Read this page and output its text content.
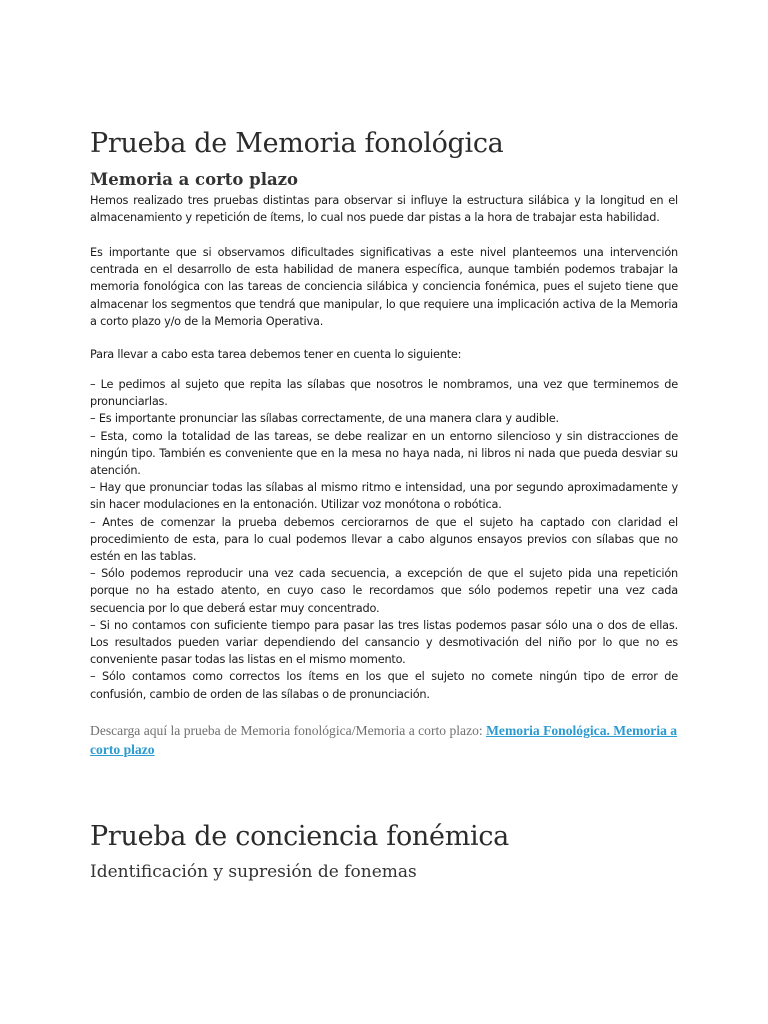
Prueba de Memoria fonológica
Memoria a corto plazo
Hemos realizado tres pruebas distintas para observar si influye la estructura silábica y la longitud en el almacenamiento y repetición de ítems, lo cual nos puede dar pistas a la hora de trabajar esta habilidad.
Es importante que si observamos dificultades significativas a este nivel planteemos una intervención centrada en el desarrollo de esta habilidad de manera específica, aunque también podemos trabajar la memoria fonológica con las tareas de conciencia silábica y conciencia fonémica, pues el sujeto tiene que almacenar los segmentos que tendrá que manipular, lo que requiere una implicación activa de la Memoria a corto plazo y/o de la Memoria Operativa.
Para llevar a cabo esta tarea debemos tener en cuenta lo siguiente:
– Le pedimos al sujeto que repita las sílabas que nosotros le nombramos, una vez que terminemos de pronunciarlas.
– Es importante pronunciar las sílabas correctamente, de una manera clara y audible.
– Esta, como la totalidad de las tareas, se debe realizar en un entorno silencioso y sin distracciones de ningún tipo. También es conveniente que en la mesa no haya nada, ni libros ni nada que pueda desviar su atención.
– Hay que pronunciar todas las sílabas al mismo ritmo e intensidad, una por segundo aproximadamente y sin hacer modulaciones en la entonación. Utilizar voz monótona o robótica.
– Antes de comenzar la prueba debemos cerciorarnos de que el sujeto ha captado con claridad el procedimiento de esta, para lo cual podemos llevar a cabo algunos ensayos previos con sílabas que no estén en las tablas.
– Sólo podemos reproducir una vez cada secuencia, a excepción de que el sujeto pida una repetición porque no ha estado atento, en cuyo caso le recordamos que sólo podemos repetir una vez cada secuencia por lo que deberá estar muy concentrado.
– Si no contamos con suficiente tiempo para pasar las tres listas podemos pasar sólo una o dos de ellas. Los resultados pueden variar dependiendo del cansancio y desmotivación del niño por lo que no es conveniente pasar todas las listas en el mismo momento.
– Sólo contamos como correctos los ítems en los que el sujeto no comete ningún tipo de error de confusión, cambio de orden de las sílabas o de pronunciación.
Descarga aquí la prueba de Memoria fonológica/Memoria a corto plazo: Memoria Fonológica. Memoria a corto plazo
Prueba de conciencia fonémica
Identificación y supresión de fonemas
